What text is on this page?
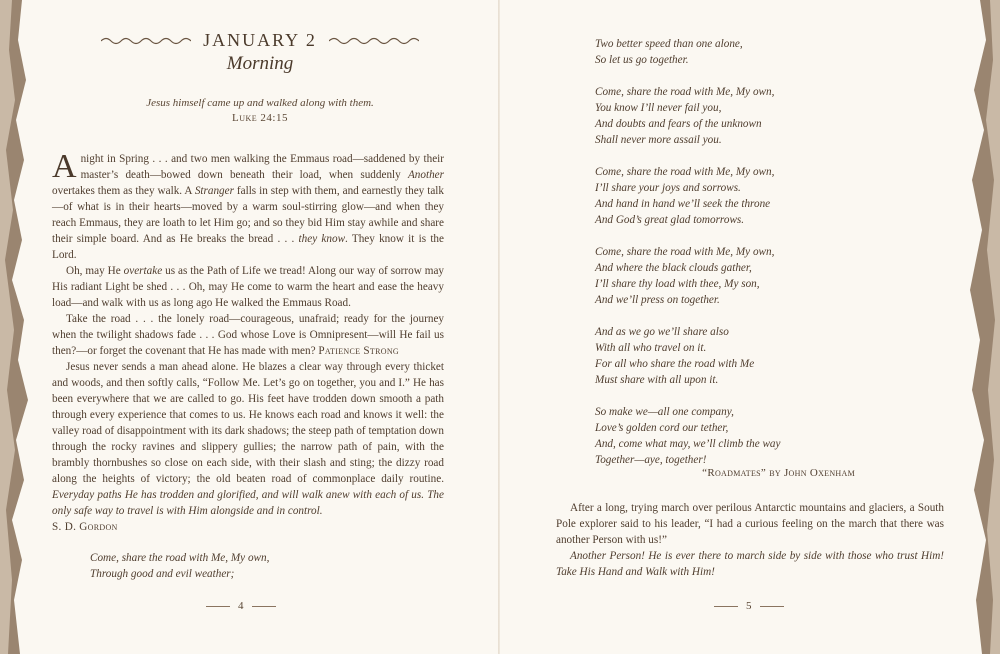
JANUARY 2
Morning
Jesus himself came up and walked along with them.
Luke 24:15

A night in Spring . . . and two men walking the Emmaus road—saddened by their master’s death—bowed down beneath their load, when suddenly Another overtakes them as they walk. A Stranger falls in step with them, and earnestly they talk—of what is in their hearts—moved by a warm soul-stirring glow—and when they reach Emmaus, they are loath to let Him go; and so they bid Him stay awhile and share their simple board. And as He breaks the bread . . . they know. They know it is the Lord.

Oh, may He overtake us as the Path of Life we tread! Along our way of sorrow may His radiant Light be shed . . . Oh, may He come to warm the heart and ease the heavy load—and walk with us as long ago He walked the Emmaus Road.

Take the road . . . the lonely road—courageous, unafraid; ready for the journey when the twilight shadows fade . . . God whose Love is Omnipresent—will He fail us then?—or forget the covenant that He has made with men? Patience Strong

Jesus never sends a man ahead alone. He blazes a clear way through every thicket and woods, and then softly calls, “Follow Me. Let’s go on together, you and I.” He has been everywhere that we are called to go. His feet have trodden down smooth a path through every experience that comes to us. He knows each road and knows it well: the valley road of disappointment with its dark shadows; the steep path of temptation down through the rocky ravines and slippery gullies; the narrow path of pain, with the brambly thornbushes so close on each side, with their slash and sting; the dizzy road along the heights of victory; the old beaten road of commonplace daily routine. Everyday paths He has trodden and glorified, and will walk anew with each of us. The only safe way to travel is with Him alongside and in control.

S. D. Gordon

Come, share the road with Me, My own,
Through good and evil weather;
4
Two better speed than one alone,
So let us go together.
Come, share the road with Me, My own,
You know I’ll never fail you,
And doubts and fears of the unknown
Shall never more assail you.
Come, share the road with Me, My own,
I’ll share your joys and sorrows.
And hand in hand we’ll seek the throne
And God’s great glad tomorrows.
Come, share the road with Me, My own,
And where the black clouds gather,
I’ll share thy load with thee, My son,
And we’ll press on together.
And as we go we’ll share also
With all who travel on it.
For all who share the road with Me
Must share with all upon it.
So make we—all one company,
Love’s golden cord our tether,
And, come what may, we’ll climb the way
Together—aye, together!
“Roadmates” by John Oxenham

After a long, trying march over perilous Antarctic mountains and glaciers, a South Pole explorer said to his leader, “I had a curious feeling on the march that there was another Person with us!”

Another Person! He is ever there to march side by side with those who trust Him! Take His Hand and Walk with Him!

5
